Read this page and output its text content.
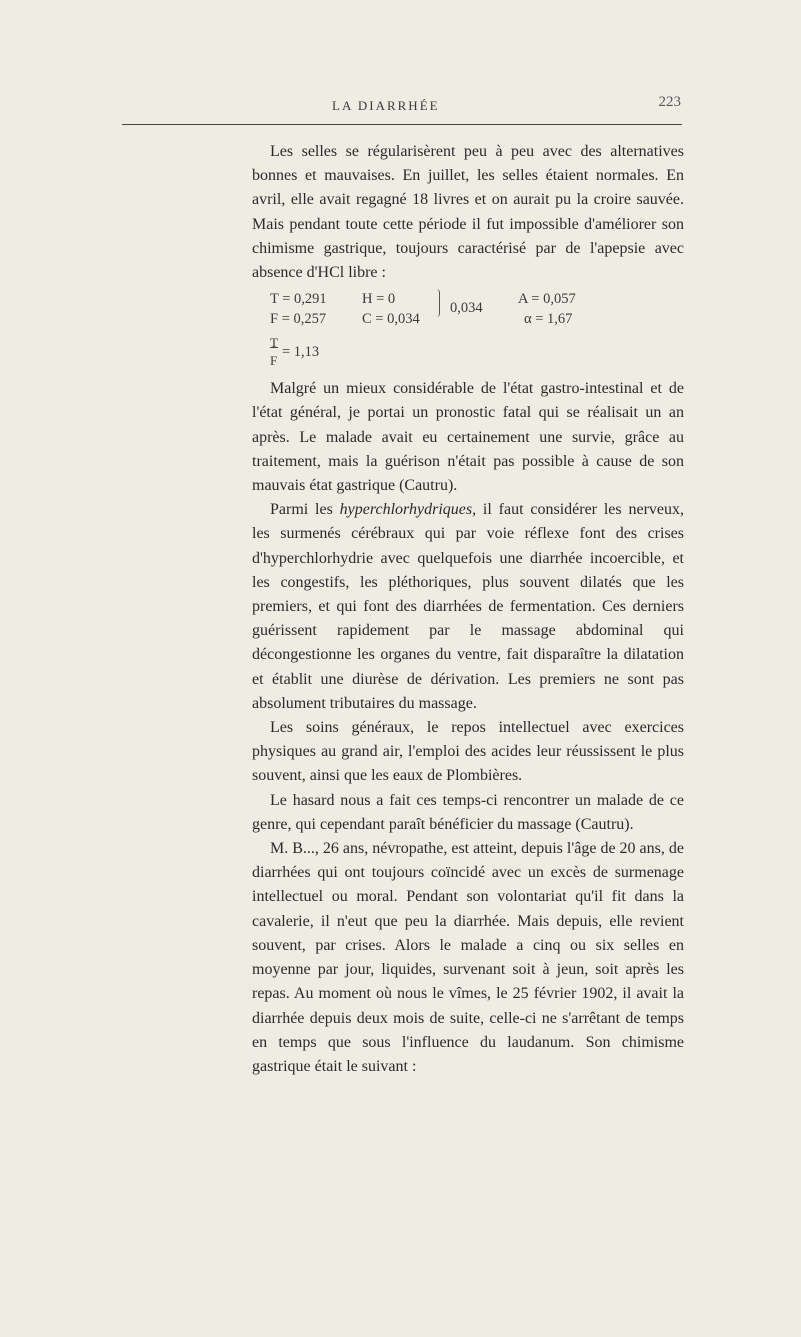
LA DIARRHÉE	223

Les selles se régularisèrent peu à peu avec des alternatives bonnes et mauvaises. En juillet, les selles étaient normales. En avril, elle avait regagné 18 livres et on aurait pu la croire sauvée. Mais pendant toute cette période il fut impossible d'améliorer son chimisme gastrique, toujours caractérisé par de l'apepsie avec absence d'HCl libre :

T = 0,291
F = 0,257
H = 0
C = 0,034
0,034
A = 0,057
α = 1,67
T
F
= 1,13

Malgré un mieux considérable de l'état gastro-intestinal et de l'état général, je portai un pronostic fatal qui se réalisait un an après. Le malade avait eu certainement une survie, grâce au traitement, mais la guérison n'était pas possible à cause de son mauvais état gastrique (Cautru).

Parmi les hyperchlorhydriques, il faut considérer les nerveux, les surmenés cérébraux qui par voie réflexe font des crises d'hyperchlorhydrie avec quelquefois une diarrhée incoercible, et les congestifs, les pléthoriques, plus souvent dilatés que les premiers, et qui font des diarrhées de fermentation. Ces derniers guérissent rapidement par le massage abdominal qui décongestionne les organes du ventre, fait disparaître la dilatation et établit une diurèse de dérivation. Les premiers ne sont pas absolument tributaires du massage.

Les soins généraux, le repos intellectuel avec exercices physiques au grand air, l'emploi des acides leur réussissent le plus souvent, ainsi que les eaux de Plombières.

Le hasard nous a fait ces temps-ci rencontrer un malade de ce genre, qui cependant paraît bénéficier du massage (Cautru).

M. B..., 26 ans, névropathe, est atteint, depuis l'âge de 20 ans, de diarrhées qui ont toujours coïncidé avec un excès de surmenage intellectuel ou moral. Pendant son volontariat qu'il fit dans la cavalerie, il n'eut que peu la diarrhée. Mais depuis, elle revient souvent, par crises. Alors le malade a cinq ou six selles en moyenne par jour, liquides, survenant soit à jeun, soit après les repas. Au moment où nous le vîmes, le 25 février 1902, il avait la diarrhée depuis deux mois de suite, celle-ci ne s'arrêtant de temps en temps que sous l'influence du laudanum. Son chimisme gastrique était le suivant :
